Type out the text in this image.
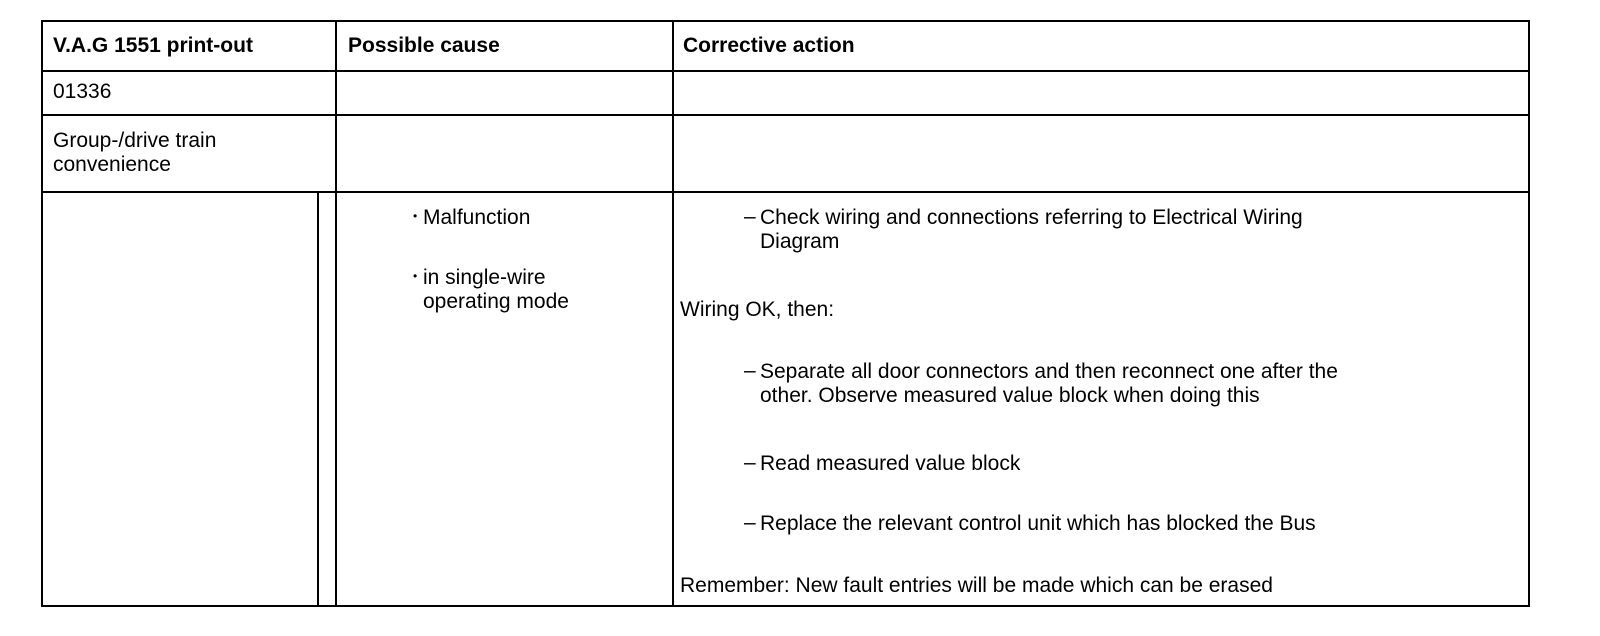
V.A.G 1551 print-out	Possible cause	Corrective action
01336
Group-/drive train
convenience
• Malfunction
• in single-wire
operating mode
– Check wiring and connections referring to Electrical Wiring
Diagram
Wiring OK, then:
– Separate all door connectors and then reconnect one after the
other. Observe measured value block when doing this
– Read measured value block
– Replace the relevant control unit which has blocked the Bus
Remember: New fault entries will be made which can be erased
